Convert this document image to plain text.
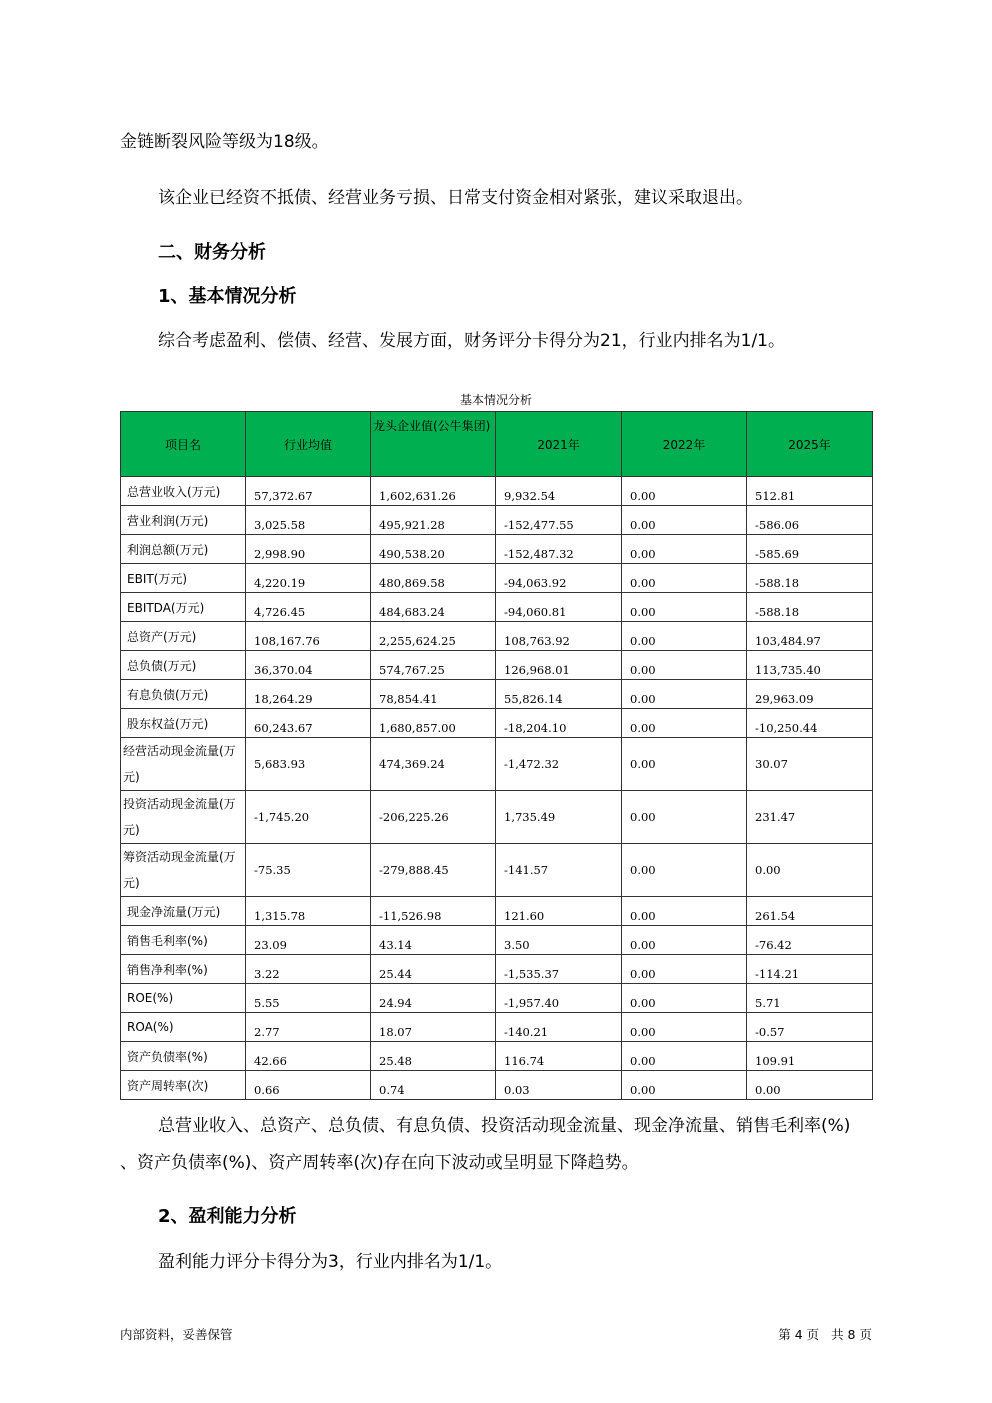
金链断裂风险等级为18级。
该企业已经资不抵债、经营业务亏损、日常支付资金相对紧张，建议采取退出。
二、财务分析
1、基本情况分析
综合考虑盈利、偿债、经营、发展方面，财务评分卡得分为21，行业内排名为1/1。
基本情况分析
项目名	行业均值	龙头企业值(公牛集团)	2021年	2022年	2025年
总营业收入(万元)	57,372.67	1,602,631.26	9,932.54	0.00	512.81
营业利润(万元)	3,025.58	495,921.28	-152,477.55	0.00	-586.06
利润总额(万元)	2,998.90	490,538.20	-152,487.32	0.00	-585.69
EBIT(万元)	4,220.19	480,869.58	-94,063.92	0.00	-588.18
EBITDA(万元)	4,726.45	484,683.24	-94,060.81	0.00	-588.18
总资产(万元)	108,167.76	2,255,624.25	108,763.92	0.00	103,484.97
总负债(万元)	36,370.04	574,767.25	126,968.01	0.00	113,735.40
有息负债(万元)	18,264.29	78,854.41	55,826.14	0.00	29,963.09
股东权益(万元)	60,243.67	1,680,857.00	-18,204.10	0.00	-10,250.44
经营活动现金流量(万元)	5,683.93	474,369.24	-1,472.32	0.00	30.07
投资活动现金流量(万元)	-1,745.20	-206,225.26	1,735.49	0.00	231.47
筹资活动现金流量(万元)	-75.35	-279,888.45	-141.57	0.00	0.00
现金净流量(万元)	1,315.78	-11,526.98	121.60	0.00	261.54
销售毛利率(%)	23.09	43.14	3.50	0.00	-76.42
销售净利率(%)	3.22	25.44	-1,535.37	0.00	-114.21
ROE(%)	5.55	24.94	-1,957.40	0.00	5.71
ROA(%)	2.77	18.07	-140.21	0.00	-0.57
资产负债率(%)	42.66	25.48	116.74	0.00	109.91
资产周转率(次)	0.66	0.74	0.03	0.00	0.00
总营业收入、总资产、总负债、有息负债、投资活动现金流量、现金净流量、销售毛利率(%)
、资产负债率(%)、资产周转率(次)存在向下波动或呈明显下降趋势。
2、盈利能力分析
盈利能力评分卡得分为3，行业内排名为1/1。
内部资料，妥善保管	第 4 页   共 8 页
